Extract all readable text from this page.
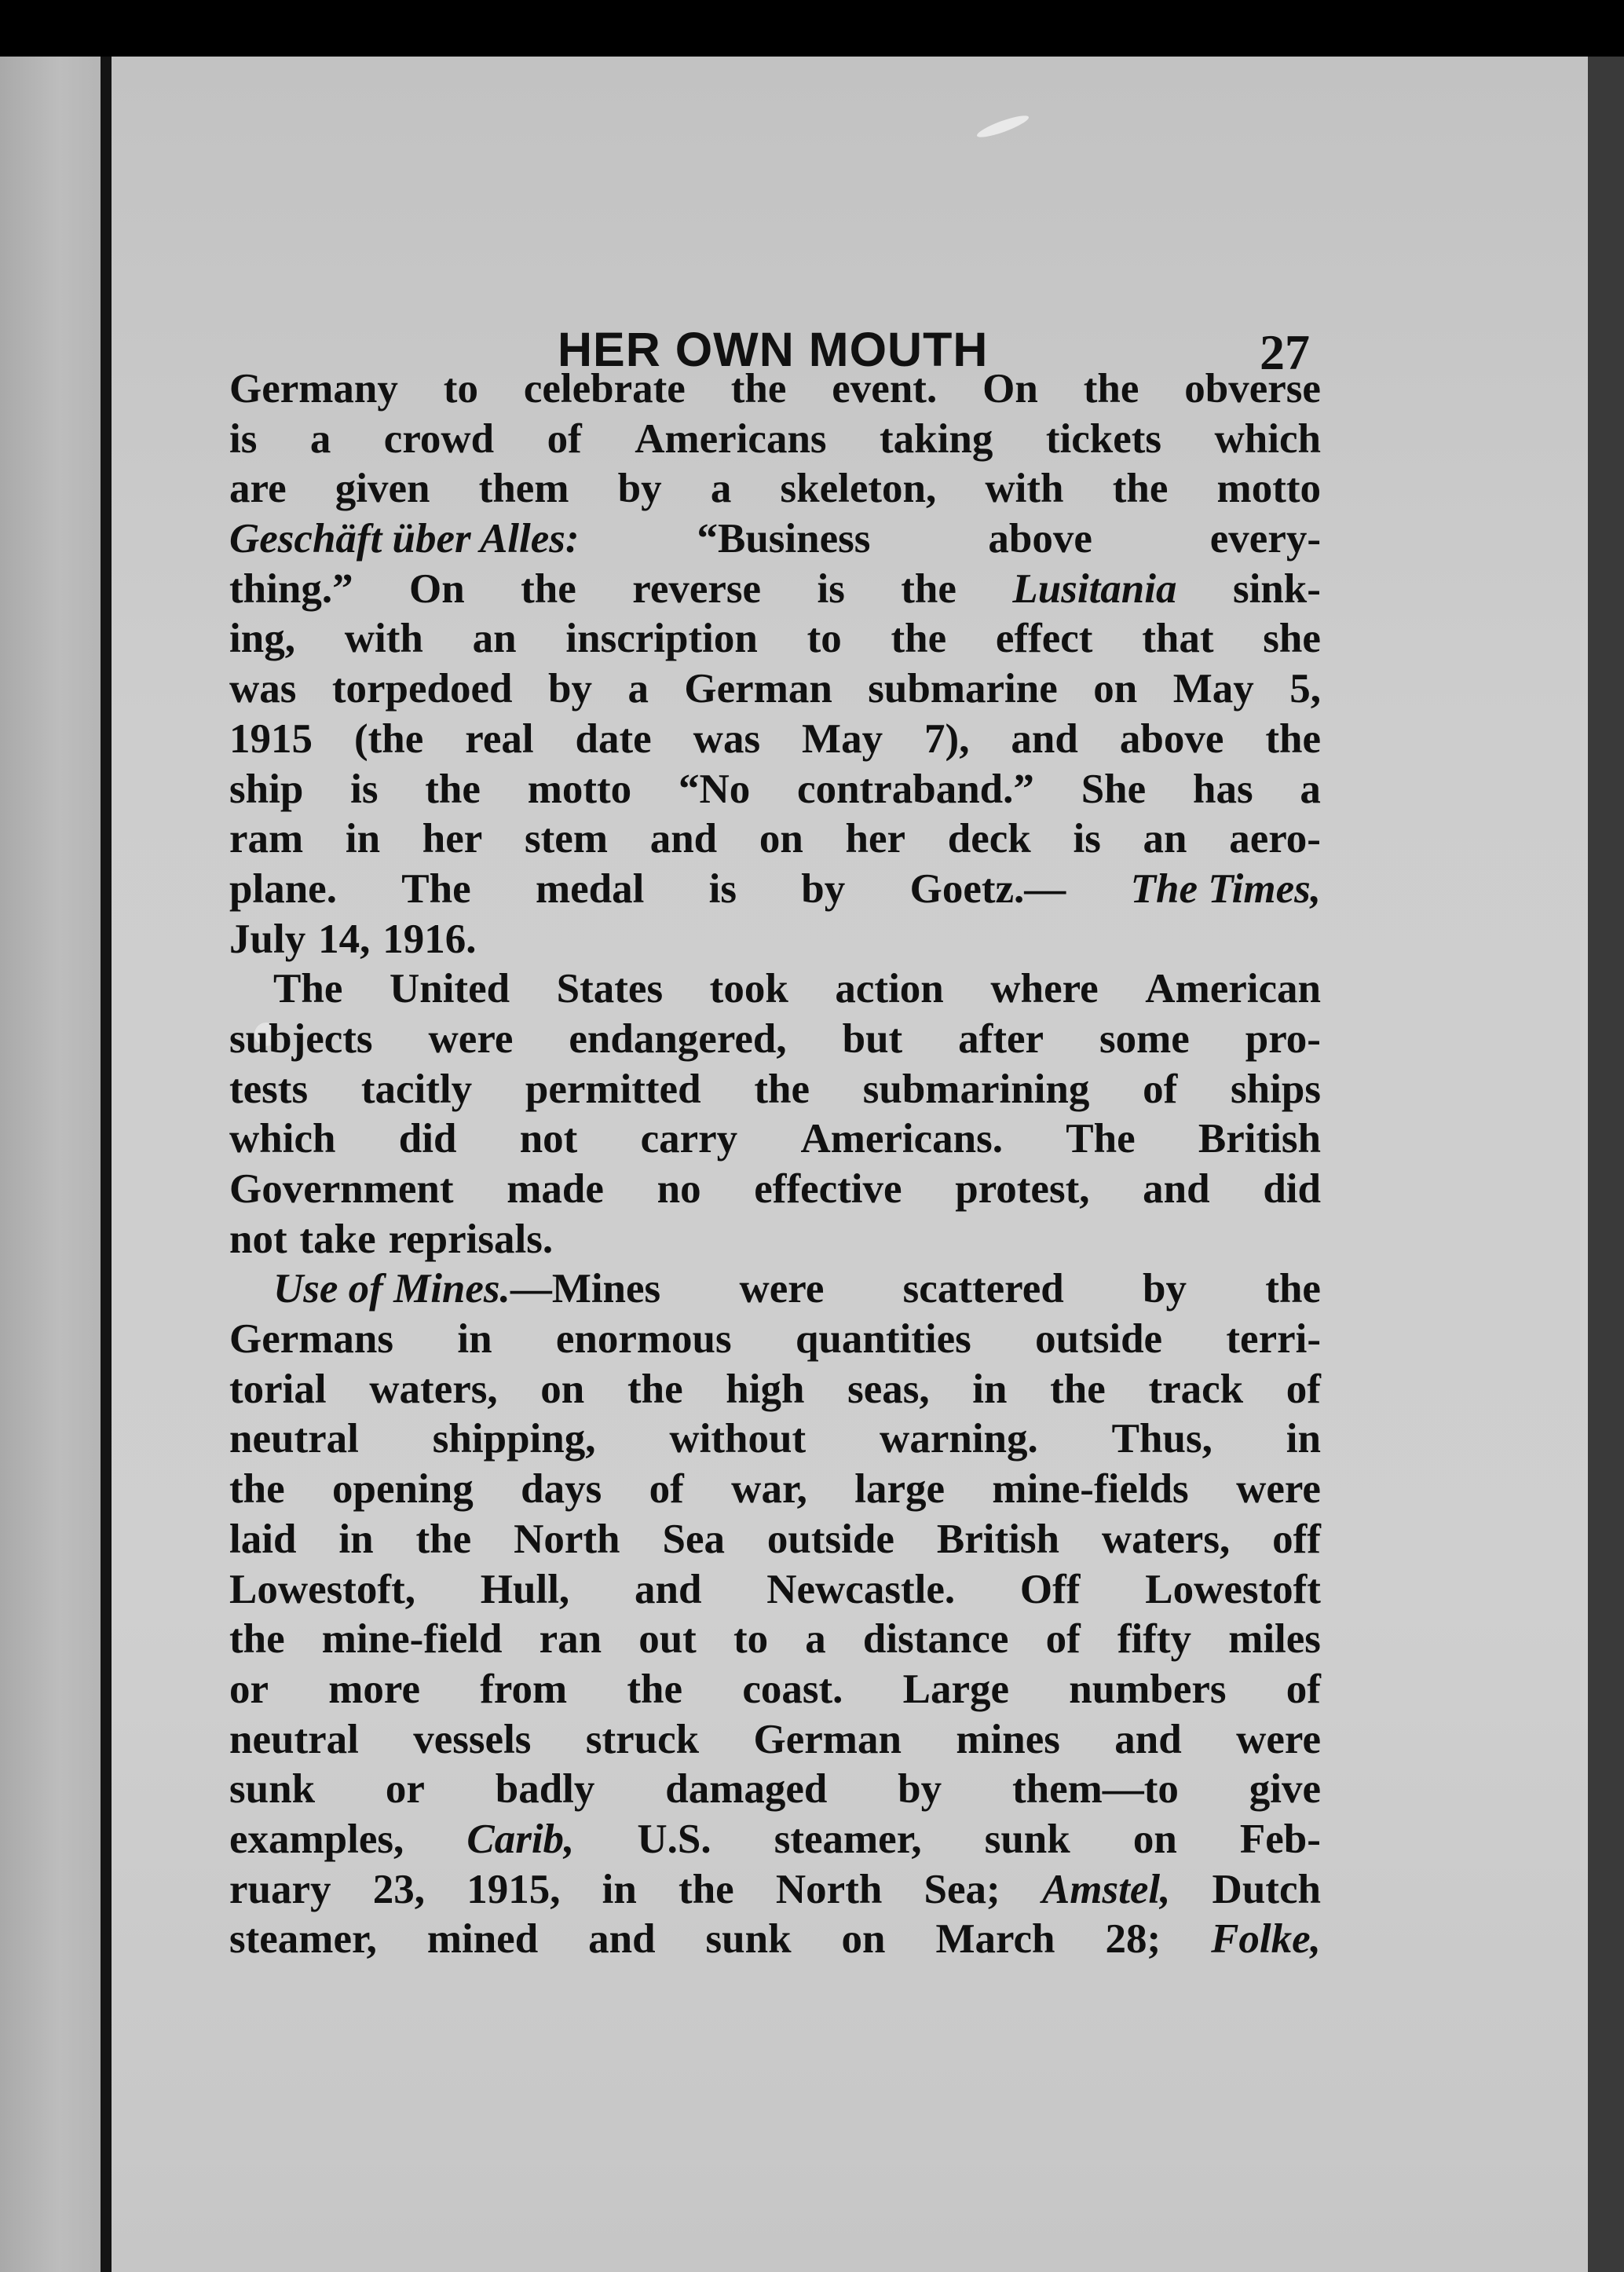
HER OWN MOUTH	27
Germany to celebrate the event. On the obverse
is a crowd of Americans taking tickets which
are given them by a skeleton, with the motto
Geschäft über Alles:	“Business	above	every-
thing.” On the reverse is the Lusitania sink-
ing, with an inscription to the effect that she
was torpedoed by a German submarine on May 5,
1915 (the real date was May 7), and above the
ship is the motto “No contraband.” She has a
ram in her stem and on her deck is an aero-
plane. The medal is by Goetz.— The Times,
July 14, 1916.
The United States took action where American
subjects were endangered, but after some pro-
tests tacitly permitted the submarining of ships
which did not carry Americans. The British
Government made no effective protest, and did
not take reprisals.
Use of Mines. —Mines were scattered by the
Germans in enormous quantities outside terri-
torial waters, on the high seas, in the track of
neutral shipping, without warning. Thus, in
the opening days of war, large mine-fields were
laid in the North Sea outside British waters, off
Lowestoft, Hull, and Newcastle. Off Lowestoft
the mine-field ran out to a distance of fifty miles
or more from the coast. Large numbers of
neutral vessels struck German mines and were
sunk or badly damaged by them—to give
examples, Carib, U.S. steamer, sunk on Feb-
ruary 23, 1915, in the North Sea; Amstel, Dutch
steamer, mined and sunk on March 28; Folke,
